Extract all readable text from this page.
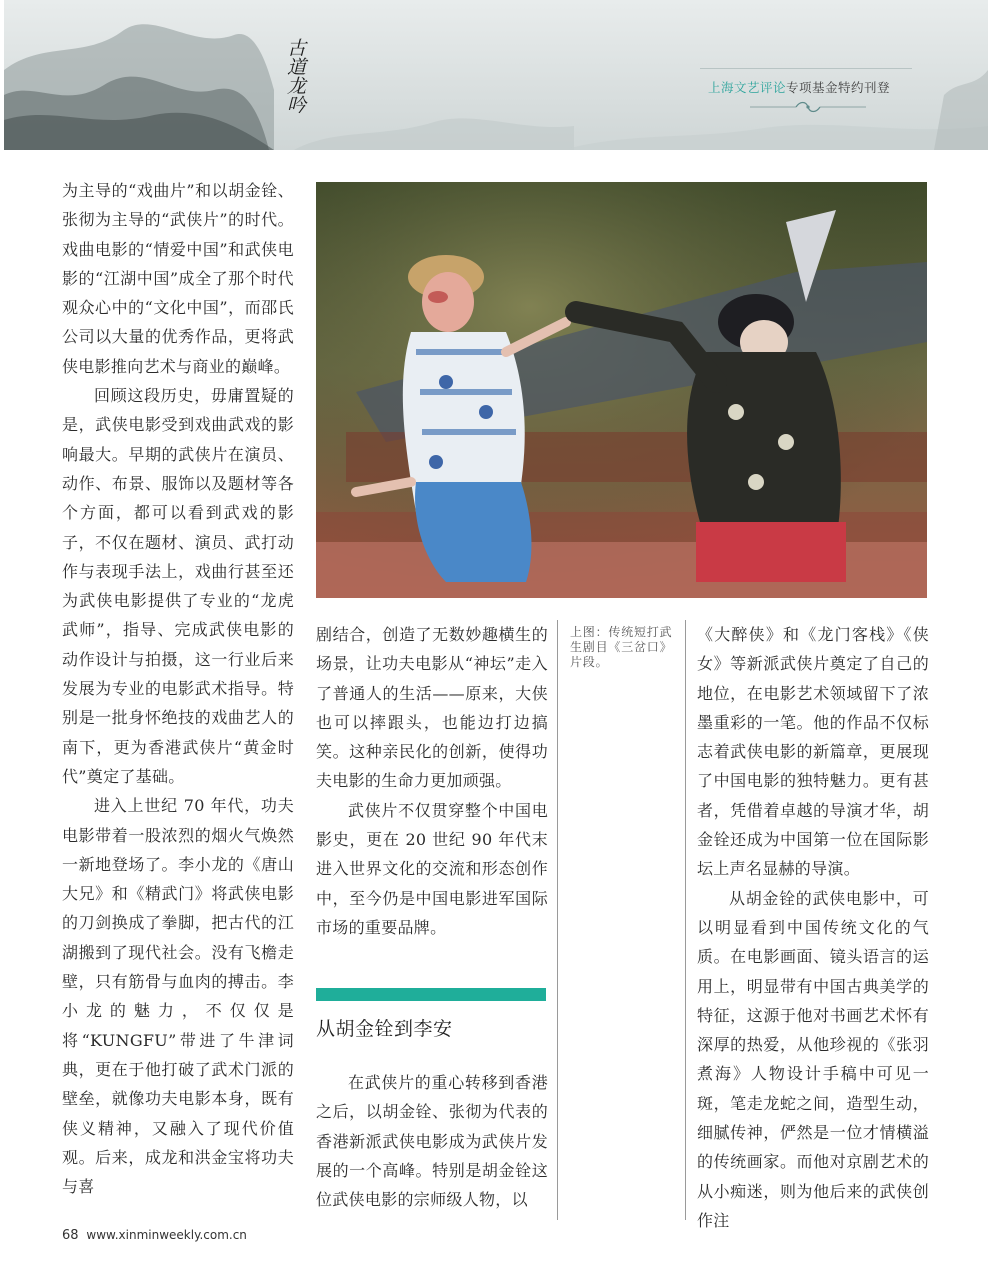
古道龙吟	上海文艺评论专项基金特约刊登

为主导的“戏曲片”和以胡金铨、张彻为主导的“武侠片”的时代。戏曲电影的“情爱中国”和武侠电影的“江湖中国”成全了那个时代观众心中的“文化中国”，而邵氏公司以大量的优秀作品，更将武侠电影推向艺术与商业的巅峰。

回顾这段历史，毋庸置疑的是，武侠电影受到戏曲武戏的影响最大。早期的武侠片在演员、动作、布景、服饰以及题材等各个方面，都可以看到武戏的影子，不仅在题材、演员、武打动作与表现手法上，戏曲行甚至还为武侠电影提供了专业的“龙虎武师”，指导、完成武侠电影的动作设计与拍摄，这一行业后来发展为专业的电影武术指导。特别是一批身怀绝技的戏曲艺人的南下，更为香港武侠片“黄金时代”奠定了基础。

进入上世纪 70 年代，功夫电影带着一股浓烈的烟火气焕然一新地登场了。李小龙的《唐山大兄》和《精武门》将武侠电影的刀剑换成了拳脚，把古代的江湖搬到了现代社会。没有飞檐走壁，只有筋骨与血肉的搏击。李小龙的魅力，不仅仅是将“KUNGFU”带进了牛津词典，更在于他打破了武术门派的壁垒，就像功夫电影本身，既有侠义精神，又融入了现代价值观。后来，成龙和洪金宝将功夫与喜

剧结合，创造了无数妙趣横生的场景，让功夫电影从“神坛”走入了普通人的生活——原来，大侠也可以摔跟头，也能边打边搞笑。这种亲民化的创新，使得功夫电影的生命力更加顽强。

武侠片不仅贯穿整个中国电影史，更在 20 世纪 90 年代末进入世界文化的交流和形态创作中，至今仍是中国电影进军国际市场的重要品牌。

从胡金铨到李安

在武侠片的重心转移到香港之后，以胡金铨、张彻为代表的香港新派武侠电影成为武侠片发展的一个高峰。特别是胡金铨这位武侠电影的宗师级人物，以

上图：传统短打武生剧目《三岔口》片段。

《大醉侠》和《龙门客栈》《侠女》等新派武侠片奠定了自己的地位，在电影艺术领域留下了浓墨重彩的一笔。他的作品不仅标志着武侠电影的新篇章，更展现了中国电影的独特魅力。更有甚者，凭借着卓越的导演才华，胡金铨还成为中国第一位在国际影坛上声名显赫的导演。

从胡金铨的武侠电影中，可以明显看到中国传统文化的气质。在电影画面、镜头语言的运用上，明显带有中国古典美学的特征，这源于他对书画艺术怀有深厚的热爱，从他珍视的《张羽煮海》人物设计手稿中可见一斑，笔走龙蛇之间，造型生动，细腻传神，俨然是一位才情横溢的传统画家。而他对京剧艺术的从小痴迷，则为他后来的武侠创作注

68 www.xinminweekly.com.cn
